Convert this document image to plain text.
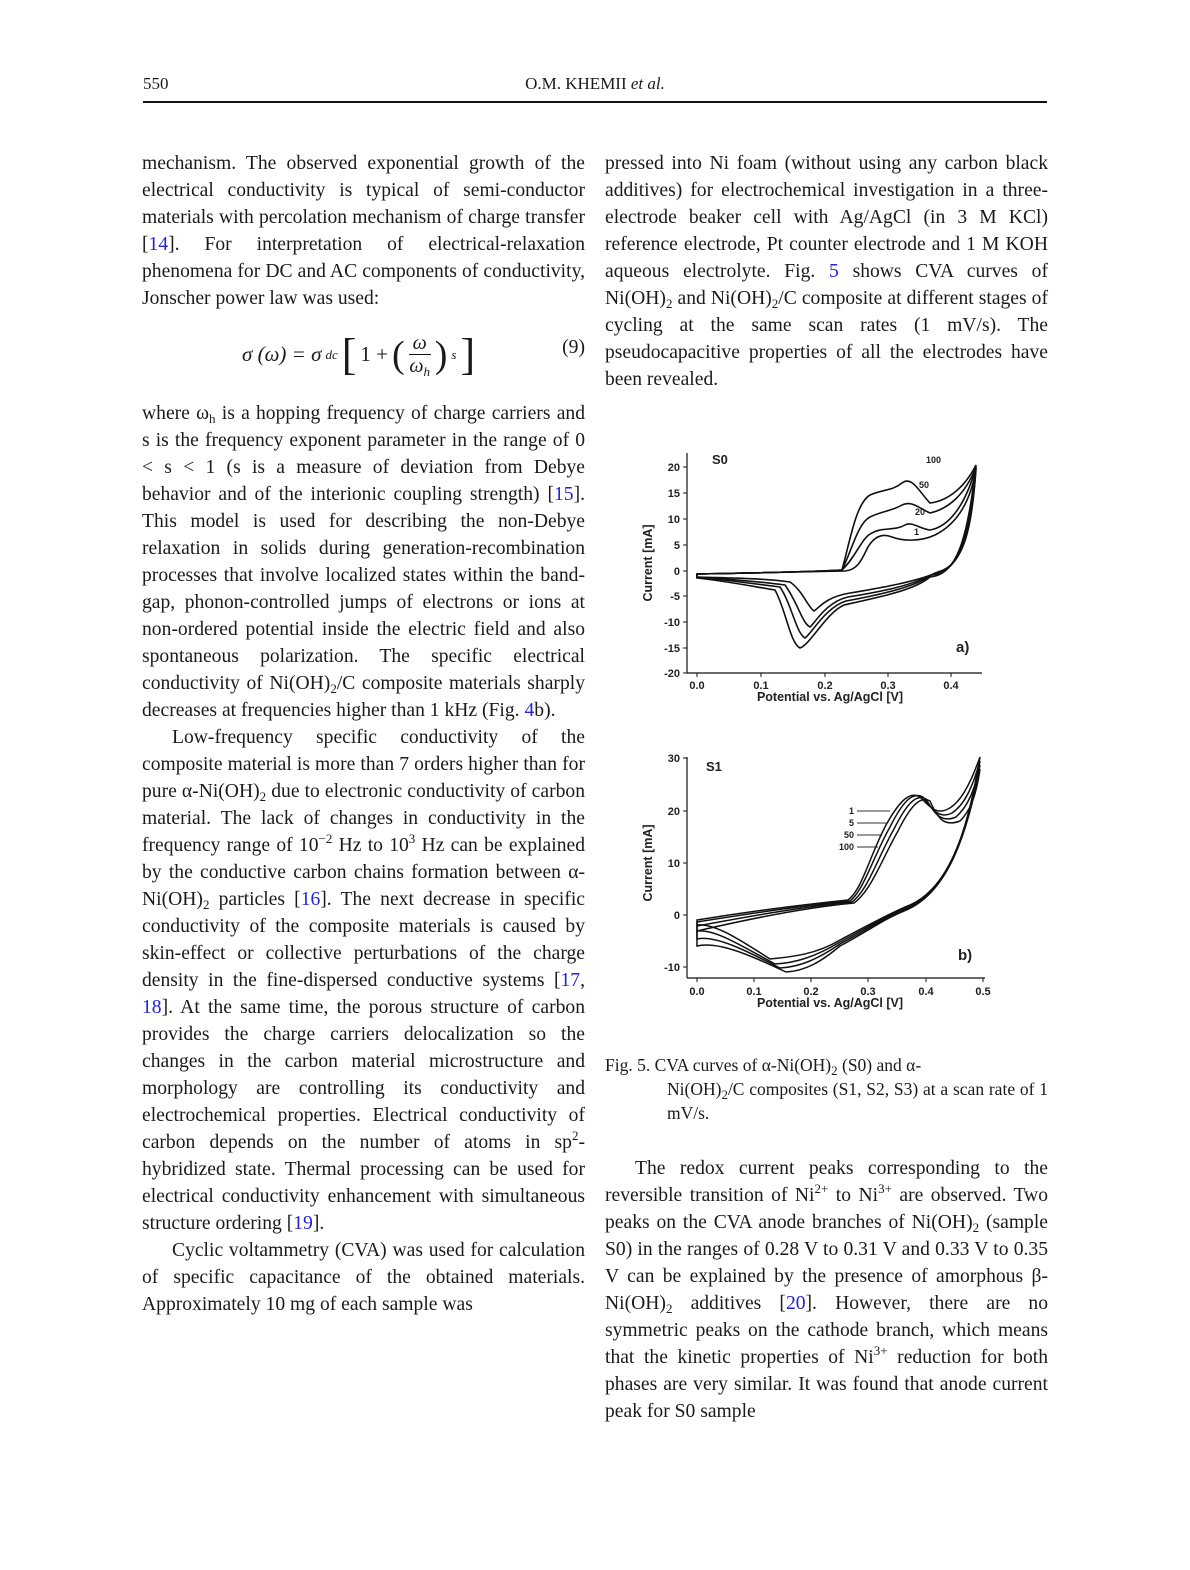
550	O.M. KHEMII et al.

mechanism. The observed exponential growth of the electrical conductivity is typical of semi-conductor materials with percolation mechanism of charge transfer [14]. For interpretation of electrical-relaxation phenomena for DC and AC components of conductivity, Jonscher power law was used:

σ (ω) = σ dc [ 1 + ( $\frac{\omega}{\omega_h}$ ) s ]	(9)

where $\omega_h$ is a hopping frequency of charge carriers and s is the frequency exponent parameter in the range of 0 < s < 1 (s is a measure of deviation from Debye behavior and of the interionic coupling strength) [15]. This model is used for describing the non-Debye relaxation in solids during generation-recombination processes that involve localized states within the band-gap, phonon-controlled jumps of electrons or ions at non-ordered potential inside the electric field and also spontaneous polarization. The specific electrical conductivity of $Ni(OH)_2/C$ composite materials sharply decreases at frequencies higher than 1 kHz (Fig. 4b).

Low-frequency specific conductivity of the composite material is more than 7 orders higher than for pure $\alpha-Ni(OH)_2$ due to electronic conductivity of carbon material. The lack of changes in conductivity in the frequency range of $10^{-2}$ Hz to $10^3$ Hz can be explained by the conductive carbon chains formation between $\alpha-Ni(OH)_2$ particles [16]. The next decrease in specific conductivity of the composite materials is caused by skin-effect or collective perturbations of the charge density in the fine-dispersed conductive systems [17, 18]. At the same time, the porous structure of carbon provides the charge carriers delocalization so the changes in the carbon material microstructure and morphology are controlling its conductivity and electrochemical properties. Electrical conductivity of carbon depends on the number of atoms in $sp^2$-hybridized state. Thermal processing can be used for electrical conductivity enhancement with simultaneous structure ordering [19].

Cyclic voltammetry (CVA) was used for calculation of specific capacitance of the obtained materials. Approximately 10 mg of each sample was

pressed into Ni foam (without using any carbon black additives) for electrochemical investigation in a three-electrode beaker cell with Ag/AgCl (in 3 M KCl) reference electrode, Pt counter electrode and 1 M KOH aqueous electrolyte. Fig. 5 shows CVA curves of $Ni(OH)_2$ and $Ni(OH)_2/C$ composite at different stages of cycling at the same scan rates (1 mV/s). The pseudocapacitive properties of all the electrodes have been revealed.

20
15
10
5
0
-5
-10
-15
-20
0.0	0.1	0.2	0.3	0.4
Potential vs. Ag/AgCl [V]
Current [mA]
S0
a)
100
50
20
1
30
20
10
0
-10
0.0	0.1	0.2	0.3	0.4	0.5
Potential vs. Ag/AgCl [V]
Current [mA]
S1
b)
1
5
50
100
Fig. 5. CVA curves of $\alpha-Ni(OH)_2$ (S0) and α-
$Ni(OH)_2/C$ composites (S1, S2, S3) at a scan rate of 1 mV/s.

The redox current peaks corresponding to the reversible transition of $Ni^{2+}$ to $Ni^{3+}$ are observed. Two peaks on the CVA anode branches of $Ni(OH)_2$ (sample S0) in the ranges of 0.28 V to 0.31 V and 0.33 V to 0.35 V can be explained by the presence of amorphous $\beta-Ni(OH)_2$ additives [20]. However, there are no symmetric peaks on the cathode branch, which means that the kinetic properties of $Ni^{3+}$ reduction for both phases are very similar. It was found that anode current peak for S0 sample
